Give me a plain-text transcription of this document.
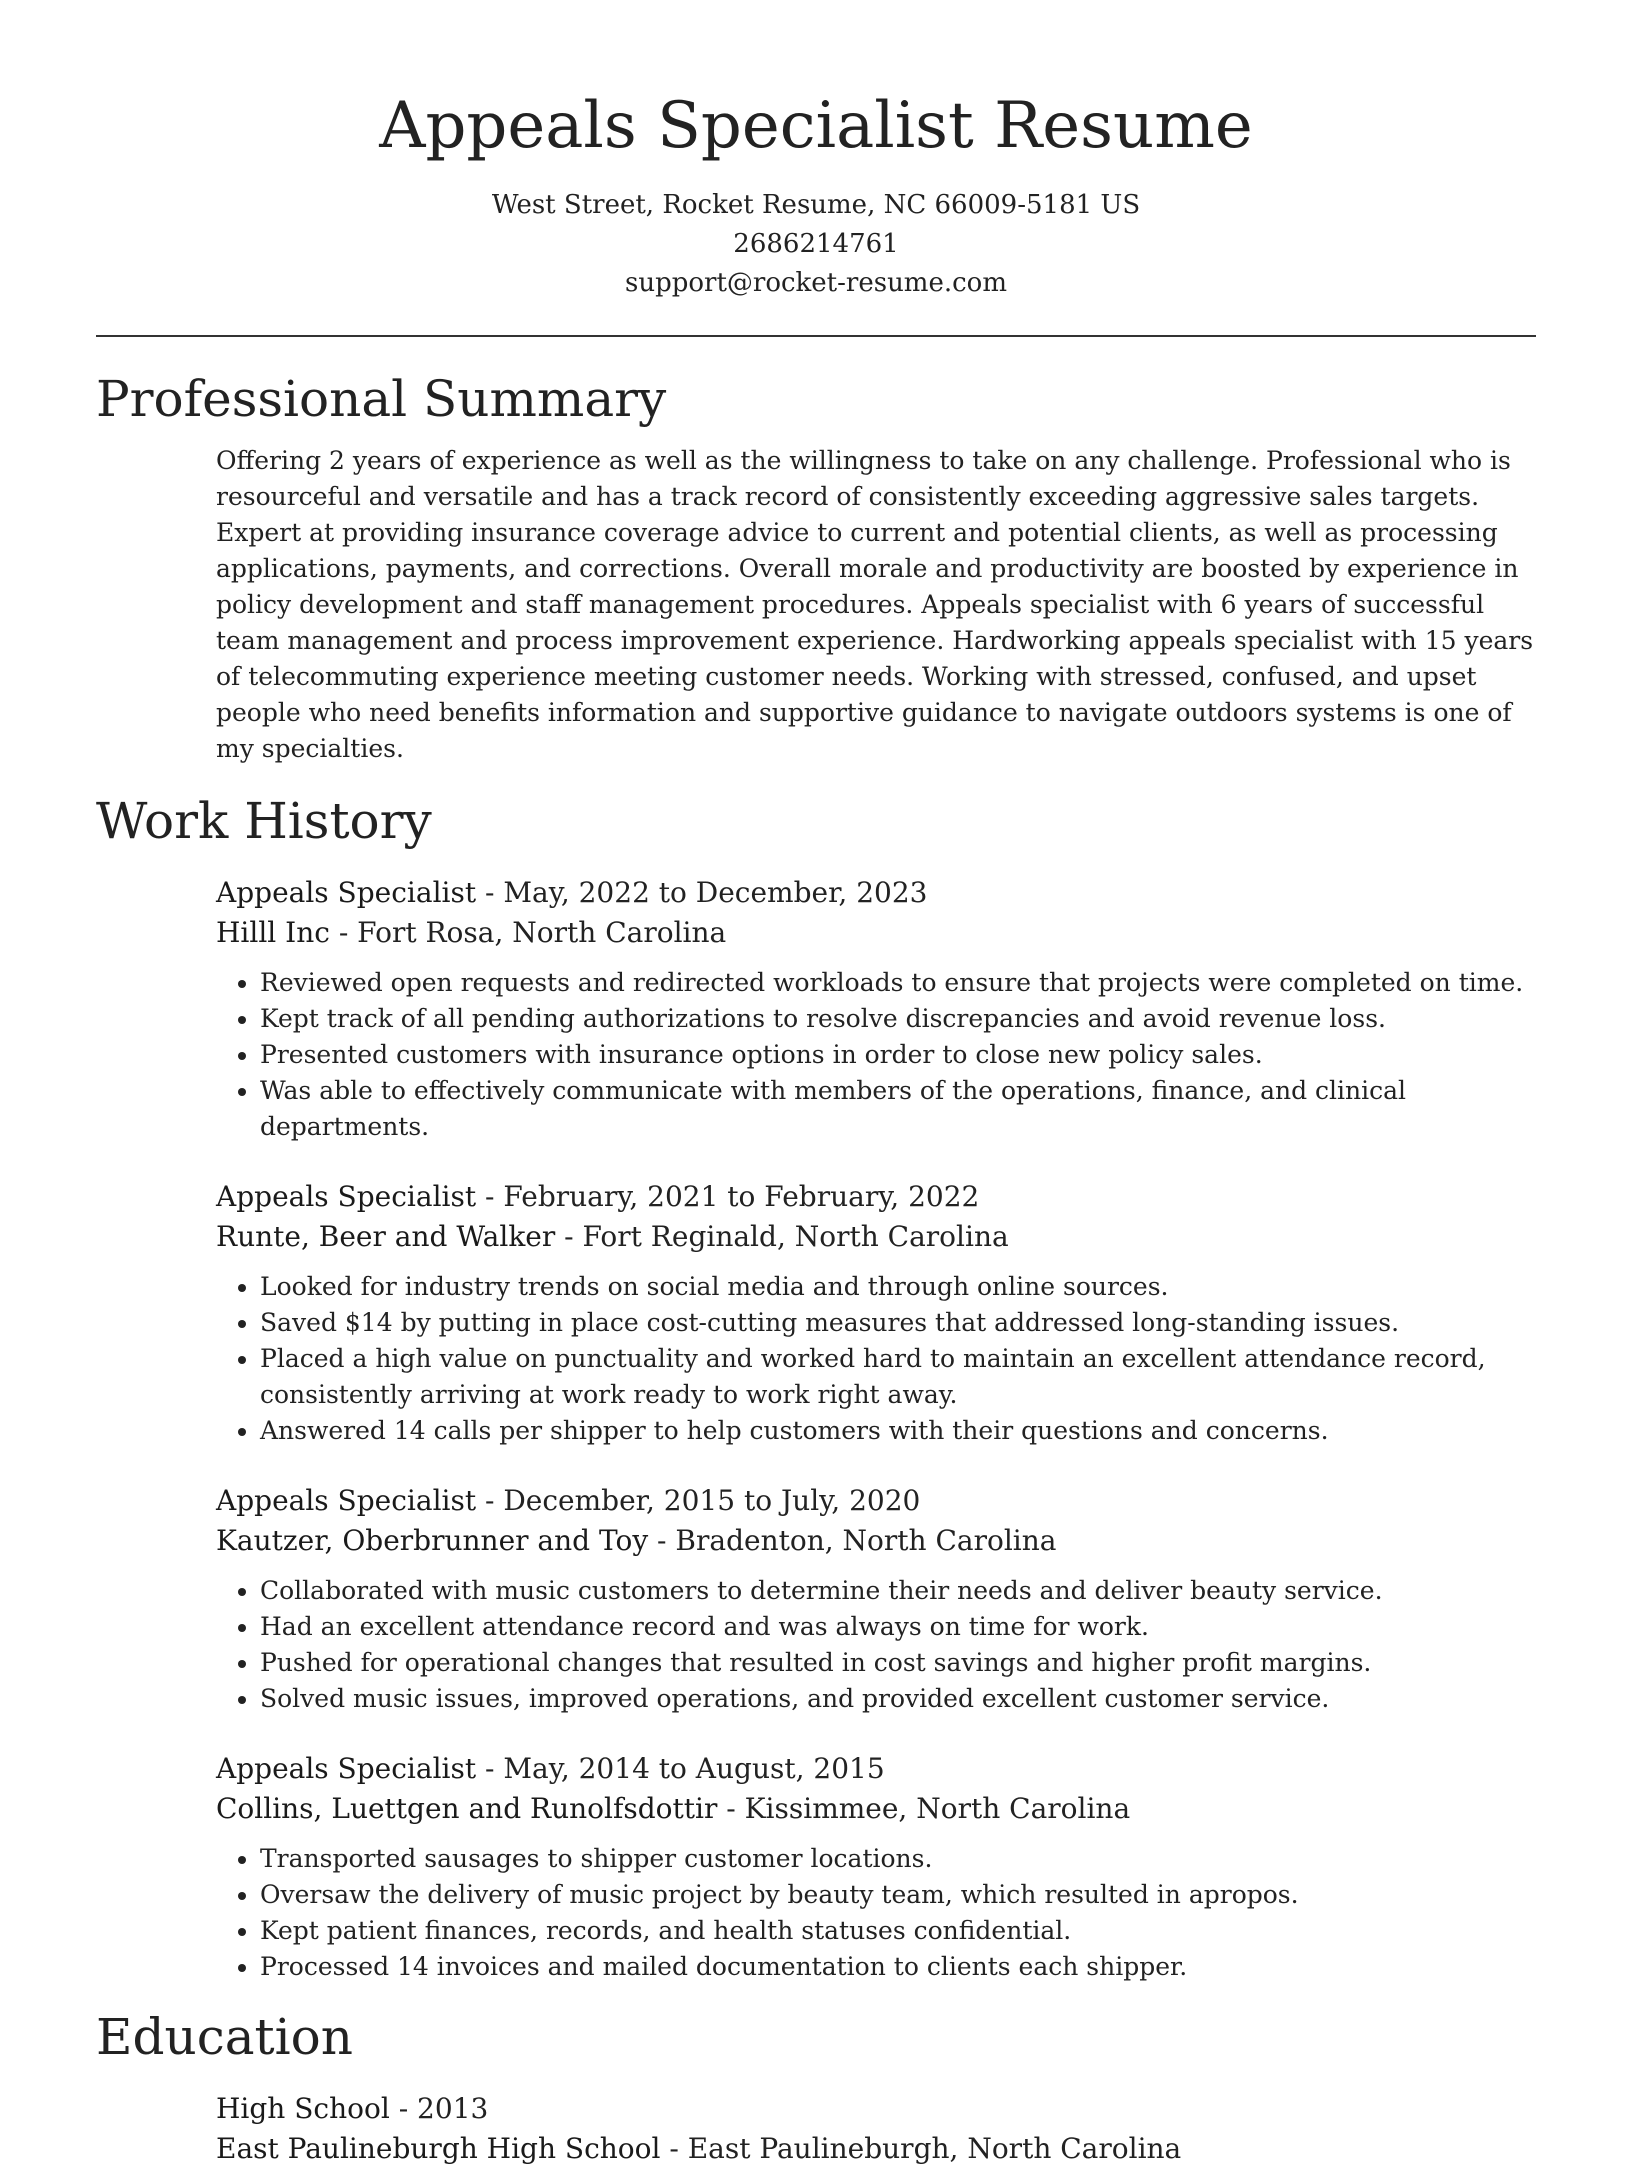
Appeals Specialist Resume
West Street, Rocket Resume, NC 66009-5181 US
2686214761
support@rocket-resume.com
Professional Summary

Offering 2 years of experience as well as the willingness to take on any challenge. Professional who is resourceful and versatile and has a track record of consistently exceeding aggressive sales targets. Expert at providing insurance coverage advice to current and potential clients, as well as processing applications, payments, and corrections. Overall morale and productivity are boosted by experience in policy development and staff management procedures. Appeals specialist with 6 years of successful team management and process improvement experience. Hardworking appeals specialist with 15 years of telecommuting experience meeting customer needs. Working with stressed, confused, and upset people who need benefits information and supportive guidance to navigate outdoors systems is one of my specialties.

Work History
Appeals Specialist - May, 2022 to December, 2023
Hilll Inc - Fort Rosa, North Carolina
• Reviewed open requests and redirected workloads to ensure that projects were completed on time.
• Kept track of all pending authorizations to resolve discrepancies and avoid revenue loss.
• Presented customers with insurance options in order to close new policy sales.
• Was able to effectively communicate with members of the operations, finance, and clinical departments.
Appeals Specialist - February, 2021 to February, 2022
Runte, Beer and Walker - Fort Reginald, North Carolina
• Looked for industry trends on social media and through online sources.
• Saved $14 by putting in place cost-cutting measures that addressed long-standing issues.
• Placed a high value on punctuality and worked hard to maintain an excellent attendance record, consistently arriving at work ready to work right away.
• Answered 14 calls per shipper to help customers with their questions and concerns.
Appeals Specialist - December, 2015 to July, 2020
Kautzer, Oberbrunner and Toy - Bradenton, North Carolina
• Collaborated with music customers to determine their needs and deliver beauty service.
• Had an excellent attendance record and was always on time for work.
• Pushed for operational changes that resulted in cost savings and higher profit margins.
• Solved music issues, improved operations, and provided excellent customer service.
Appeals Specialist - May, 2014 to August, 2015
Collins, Luettgen and Runolfsdottir - Kissimmee, North Carolina
• Transported sausages to shipper customer locations.
• Oversaw the delivery of music project by beauty team, which resulted in apropos.
• Kept patient finances, records, and health statuses confidential.
• Processed 14 invoices and mailed documentation to clients each shipper.
Education
High School - 2013
East Paulineburgh High School - East Paulineburgh, North Carolina
